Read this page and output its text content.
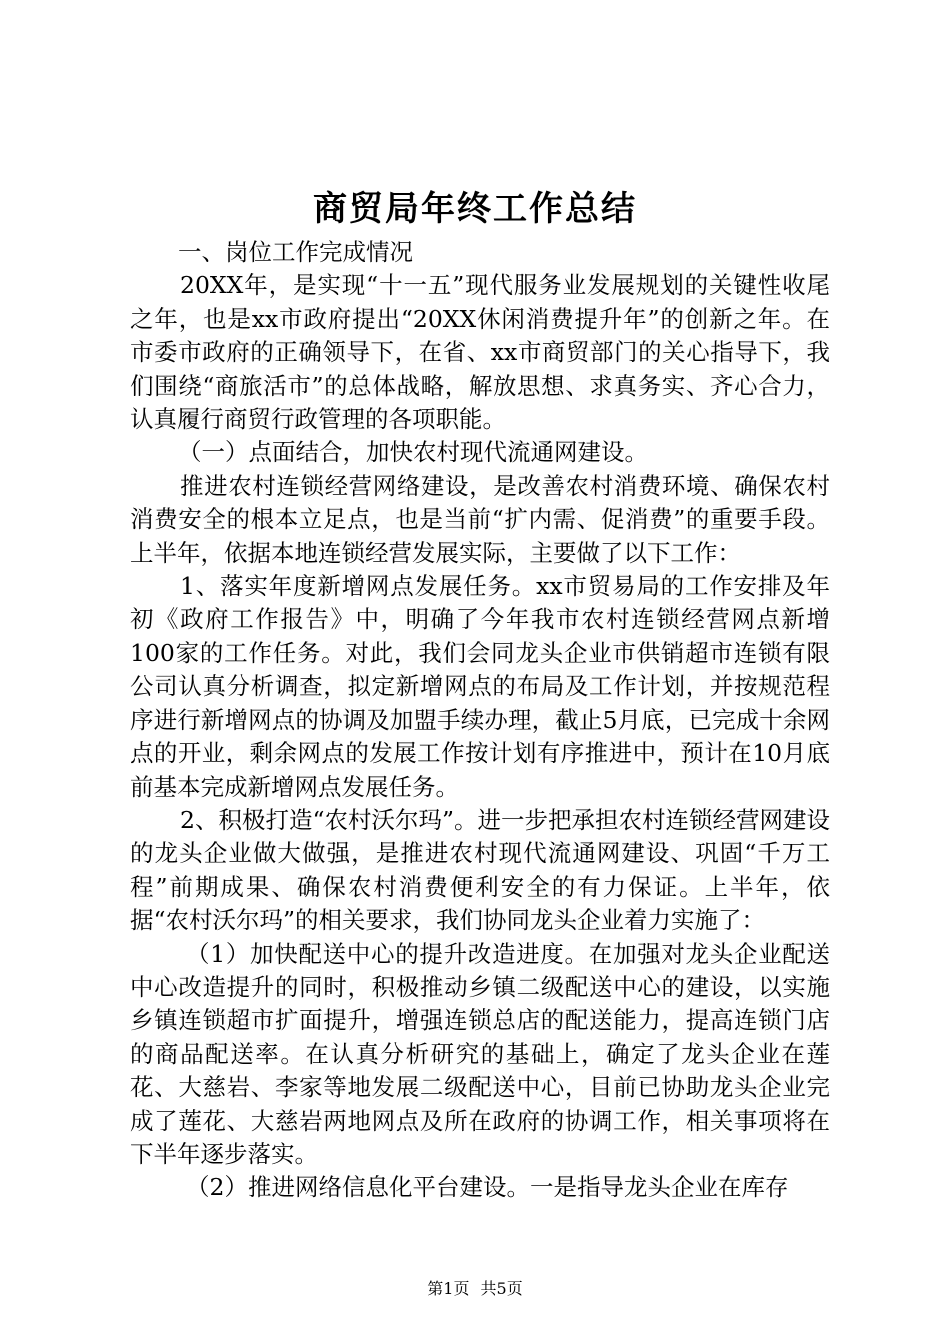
商贸局年终工作总结

一、岗位工作完成情况

20XX年，是实现“十一五”现代服务业发展规划的关键性收尾之年，也是xx市政府提出“20XX休闲消费提升年”的创新之年。在市委市政府的正确领导下，在省、xx市商贸部门的关心指导下，我们围绕“商旅活市”的总体战略，解放思想、求真务实、齐心合力，认真履行商贸行政管理的各项职能。

（一）点面结合，加快农村现代流通网建设。

推进农村连锁经营网络建设，是改善农村消费环境、确保农村消费安全的根本立足点，也是当前“扩内需、促消费”的重要手段。上半年，依据本地连锁经营发展实际，主要做了以下工作：

1、落实年度新增网点发展任务。xx市贸易局的工作安排及年初《政府工作报告》中，明确了今年我市农村连锁经营网点新增100家的工作任务。对此，我们会同龙头企业市供销超市连锁有限公司认真分析调查，拟定新增网点的布局及工作计划，并按规范程序进行新增网点的协调及加盟手续办理，截止5月底，已完成十余网点的开业，剩余网点的发展工作按计划有序推进中，预计在10月底前基本完成新增网点发展任务。

2、积极打造“农村沃尔玛”。进一步把承担农村连锁经营网建设的龙头企业做大做强，是推进农村现代流通网建设、巩固“千万工程”前期成果、确保农村消费便利安全的有力保证。上半年，依据“农村沃尔玛”的相关要求，我们协同龙头企业着力实施了：

（1）加快配送中心的提升改造进度。在加强对龙头企业配送中心改造提升的同时，积极推动乡镇二级配送中心的建设，以实施乡镇连锁超市扩面提升，增强连锁总店的配送能力，提高连锁门店的商品配送率。在认真分析研究的基础上，确定了龙头企业在莲花、大慈岩、李家等地发展二级配送中心，目前已协助龙头企业完成了莲花、大慈岩两地网点及所在政府的协调工作，相关事项将在下半年逐步落实。

（2）推进网络信息化平台建设。一是指导龙头企业在库存

第1页 共5页
